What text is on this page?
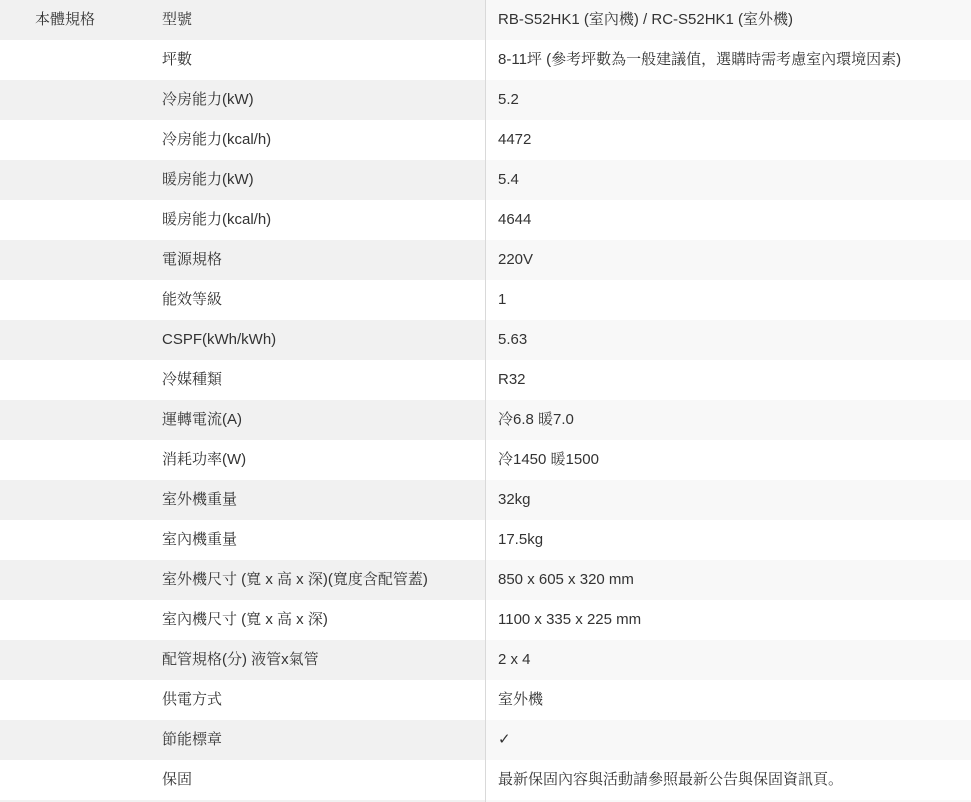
本體規格	型號	RB-S52HK1 (室內機) / RC-S52HK1 (室外機)
坪數	8-11坪 (參考坪數為一般建議值，選購時需考慮室內環境因素)
冷房能力(kW)	5.2
冷房能力(kcal/h)	4472
暖房能力(kW)	5.4
暖房能力(kcal/h)	4644
電源規格	220V
能效等級	1
CSPF(kWh/kWh)	5.63
冷媒種類	R32
運轉電流(A)	冷6.8 暖7.0
消耗功率(W)	冷1450 暖1500
室外機重量	32kg
室內機重量	17.5kg
室外機尺寸 (寬 x 高 x 深)(寬度含配管蓋)	850 x 605 x 320 mm
室內機尺寸 (寬 x 高 x 深)	1100 x 335 x 225 mm
配管規格(分) 液管x氣管	2 x 4
供電方式	室外機
節能標章	✓
保固	最新保固內容與活動請參照最新公告與保固資訊頁。
